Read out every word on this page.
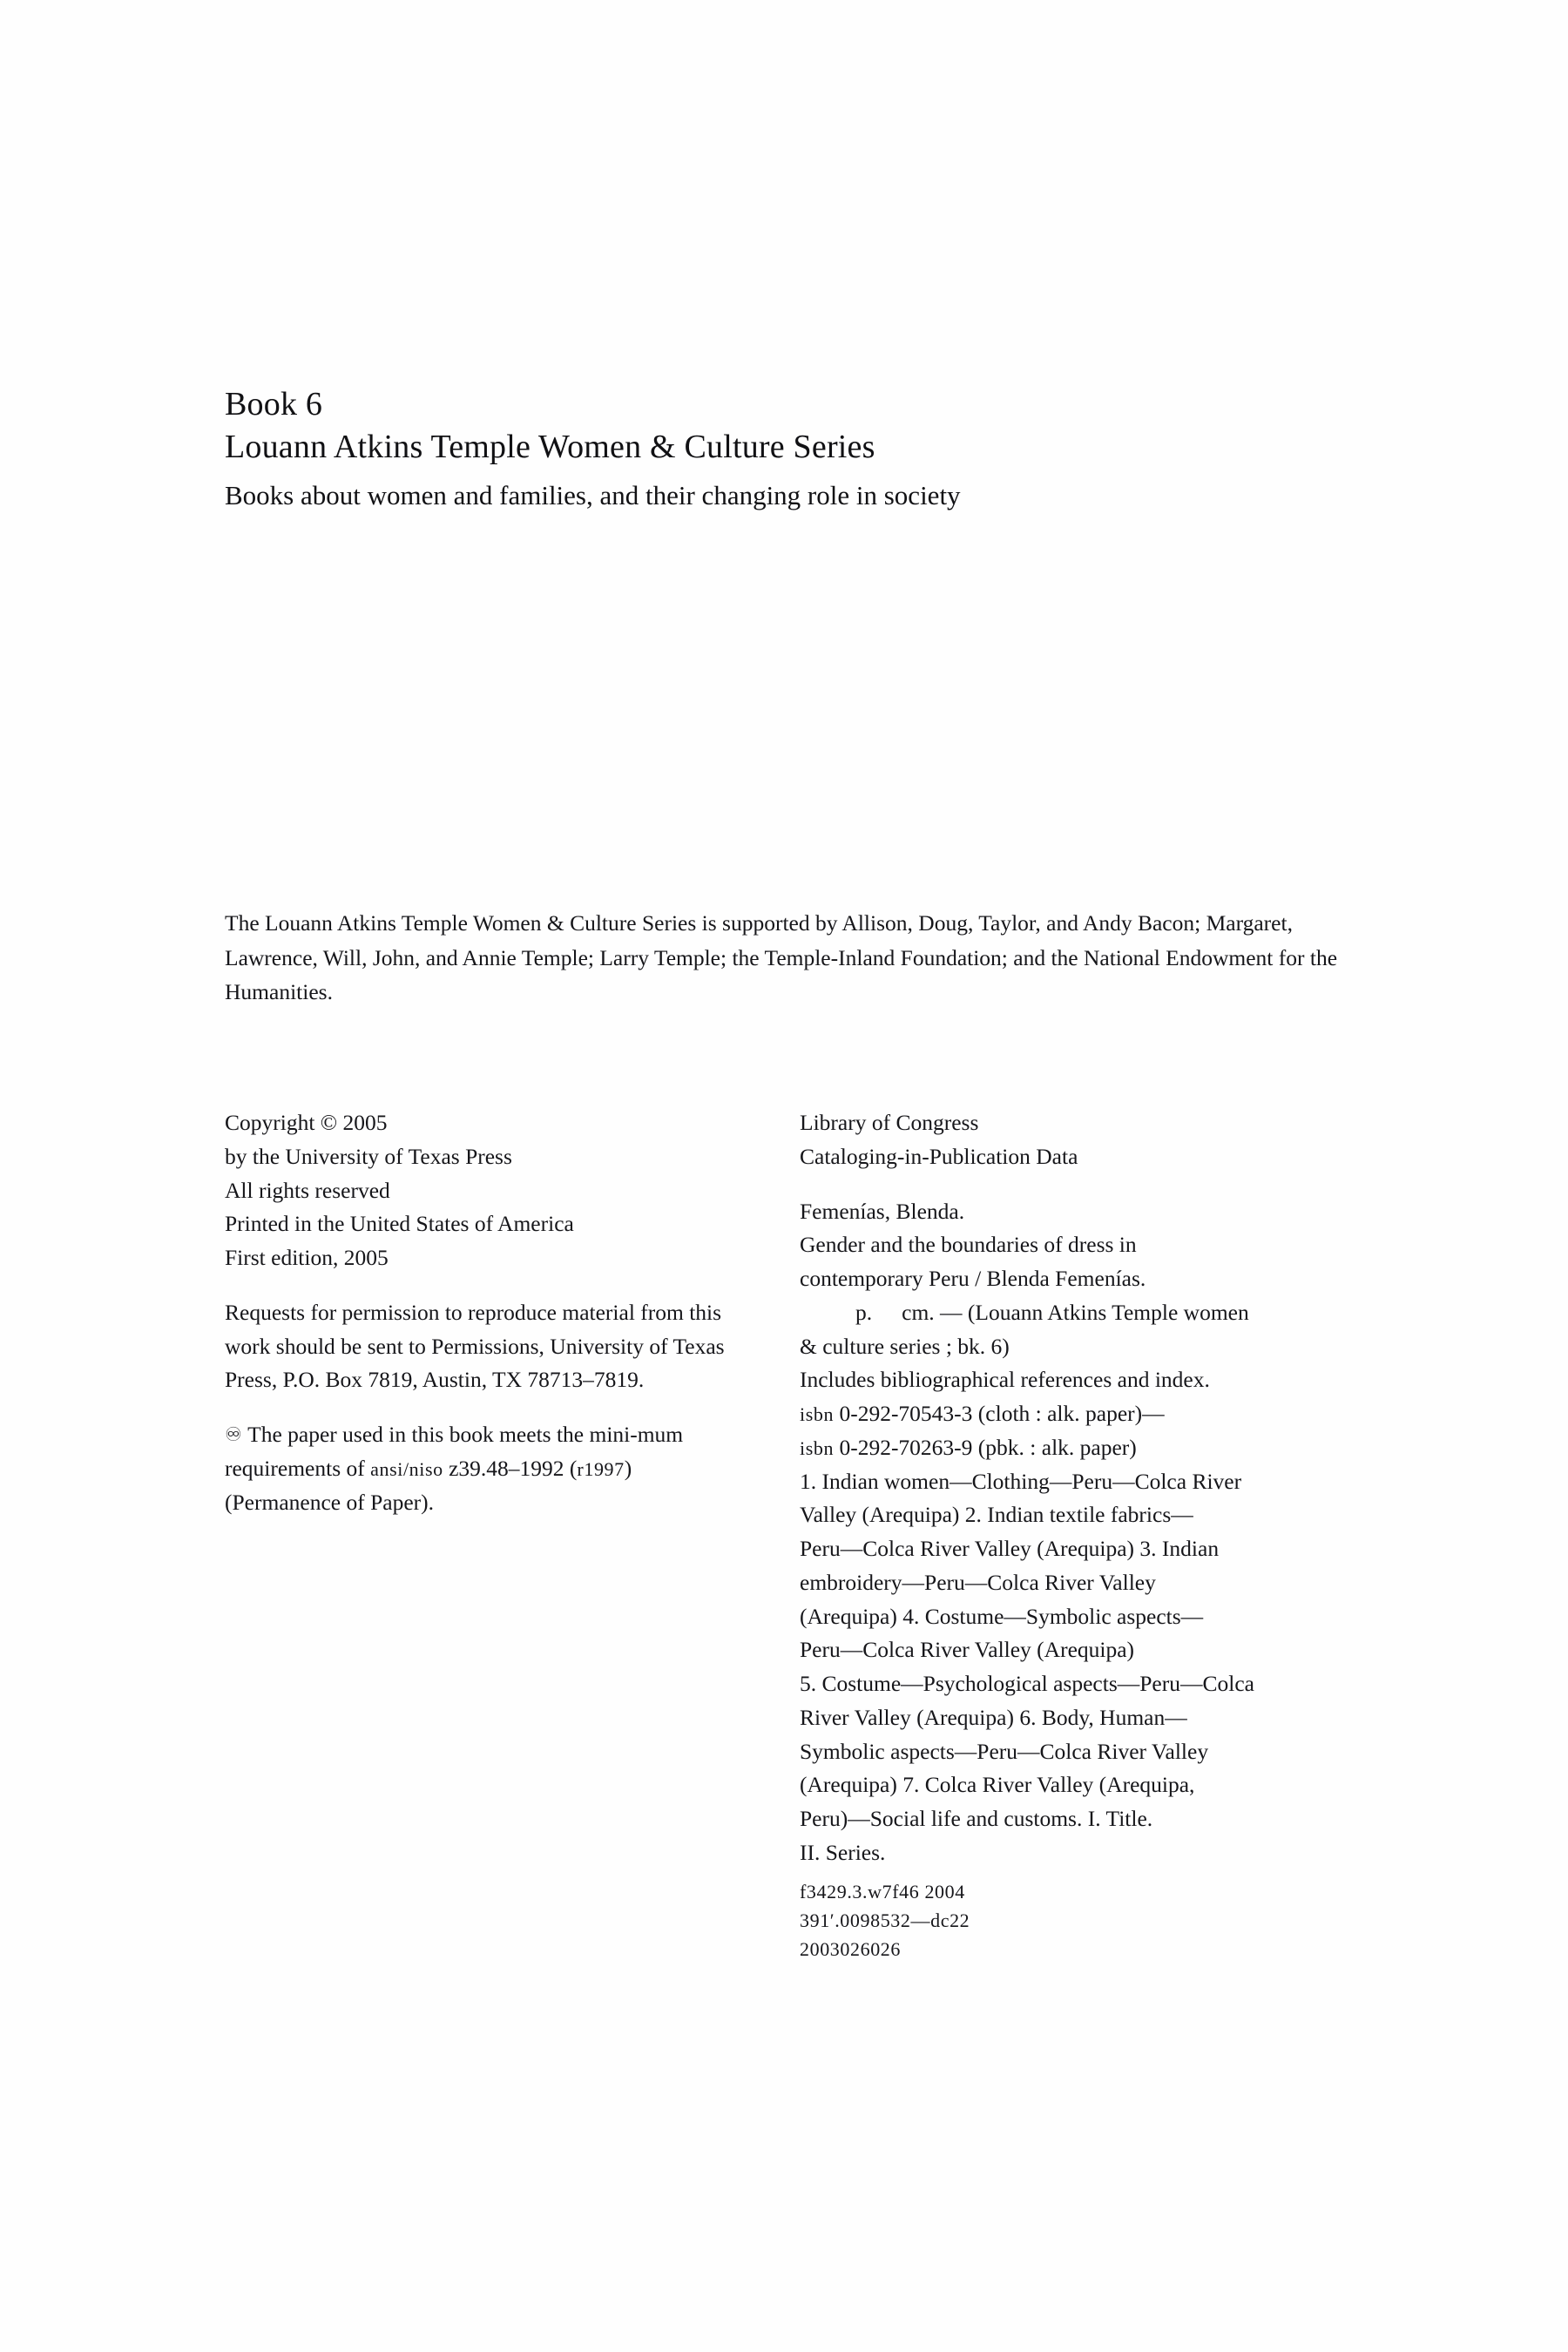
Book 6
Louann Atkins Temple Women & Culture Series
Books about women and families, and their changing role in society
The Louann Atkins Temple Women & Culture Series is supported by Allison, Doug, Taylor, and Andy Bacon; Margaret, Lawrence, Will, John, and Annie Temple; Larry Temple; the Temple-Inland Foundation; and the National Endowment for the Humanities.

Copyright © 2005

by the University of Texas Press

All rights reserved

Printed in the United States of America

First edition, 2005

Requests for permission to reproduce material from this work should be sent to Permissions, University of Texas Press, P.O. Box 7819, Austin, TX 78713–7819.

♾ The paper used in this book meets the mini-mum requirements of ansi/niso z39.48–1992 (r1997) (Permanence of Paper).

Library of Congress

Cataloging-in-Publication Data

Femenías, Blenda.

Gender and the boundaries of dress in

contemporary Peru / Blenda Femenías.

p. cm. — (Louann Atkins Temple women

& culture series ; bk. 6)

Includes bibliographical references and index.

isbn 0-292-70543-3 (cloth : alk. paper)—

isbn 0-292-70263-9 (pbk. : alk. paper)

1. Indian women—Clothing—Peru—Colca River

Valley (Arequipa) 2. Indian textile fabrics—

Peru—Colca River Valley (Arequipa) 3. Indian

embroidery—Peru—Colca River Valley

(Arequipa) 4. Costume—Symbolic aspects—

Peru—Colca River Valley (Arequipa)

5. Costume—Psychological aspects—Peru—Colca

River Valley (Arequipa) 6. Body, Human—

Symbolic aspects—Peru—Colca River Valley

(Arequipa) 7. Colca River Valley (Arequipa,

Peru)—Social life and customs. I. Title.

II. Series.

f3429.3.w7f46 2004

391′.0098532—dc22

2003026026
